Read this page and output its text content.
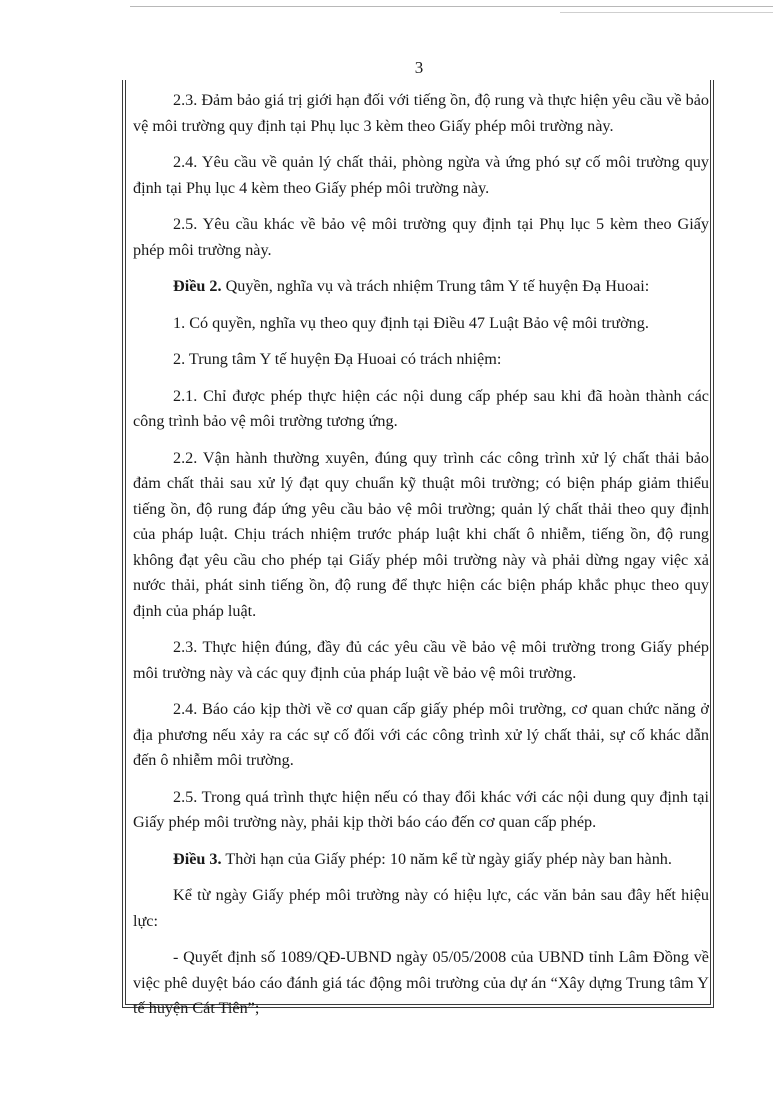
3

2.3. Đảm bảo giá trị giới hạn đối với tiếng ồn, độ rung và thực hiện yêu cầu về bảo vệ môi trường quy định tại Phụ lục 3 kèm theo Giấy phép môi trường này.

2.4. Yêu cầu về quản lý chất thải, phòng ngừa và ứng phó sự cố môi trường quy định tại Phụ lục 4 kèm theo Giấy phép môi trường này.

2.5. Yêu cầu khác về bảo vệ môi trường quy định tại Phụ lục 5 kèm theo Giấy phép môi trường này.

Điều 2. Quyền, nghĩa vụ và trách nhiệm Trung tâm Y tế huyện Đạ Huoai:

1. Có quyền, nghĩa vụ theo quy định tại Điều 47 Luật Bảo vệ môi trường.

2. Trung tâm Y tế huyện Đạ Huoai có trách nhiệm:

2.1. Chỉ được phép thực hiện các nội dung cấp phép sau khi đã hoàn thành các công trình bảo vệ môi trường tương ứng.

2.2. Vận hành thường xuyên, đúng quy trình các công trình xử lý chất thải bảo đảm chất thải sau xử lý đạt quy chuẩn kỹ thuật môi trường; có biện pháp giảm thiểu tiếng ồn, độ rung đáp ứng yêu cầu bảo vệ môi trường; quản lý chất thải theo quy định của pháp luật. Chịu trách nhiệm trước pháp luật khi chất ô nhiễm, tiếng ồn, độ rung không đạt yêu cầu cho phép tại Giấy phép môi trường này và phải dừng ngay việc xả nước thải, phát sinh tiếng ồn, độ rung để thực hiện các biện pháp khắc phục theo quy định của pháp luật.

2.3. Thực hiện đúng, đầy đủ các yêu cầu về bảo vệ môi trường trong Giấy phép môi trường này và các quy định của pháp luật về bảo vệ môi trường.

2.4. Báo cáo kịp thời về cơ quan cấp giấy phép môi trường, cơ quan chức năng ở địa phương nếu xảy ra các sự cố đối với các công trình xử lý chất thải, sự cố khác dẫn đến ô nhiễm môi trường.

2.5. Trong quá trình thực hiện nếu có thay đổi khác với các nội dung quy định tại Giấy phép môi trường này, phải kịp thời báo cáo đến cơ quan cấp phép.

Điều 3. Thời hạn của Giấy phép: 10 năm kể từ ngày giấy phép này ban hành.

Kể từ ngày Giấy phép môi trường này có hiệu lực, các văn bản sau đây hết hiệu lực:

- Quyết định số 1089/QĐ-UBND ngày 05/05/2008 của UBND tỉnh Lâm Đồng về việc phê duyệt báo cáo đánh giá tác động môi trường của dự án “Xây dựng Trung tâm Y tế huyện Cát Tiên”;
